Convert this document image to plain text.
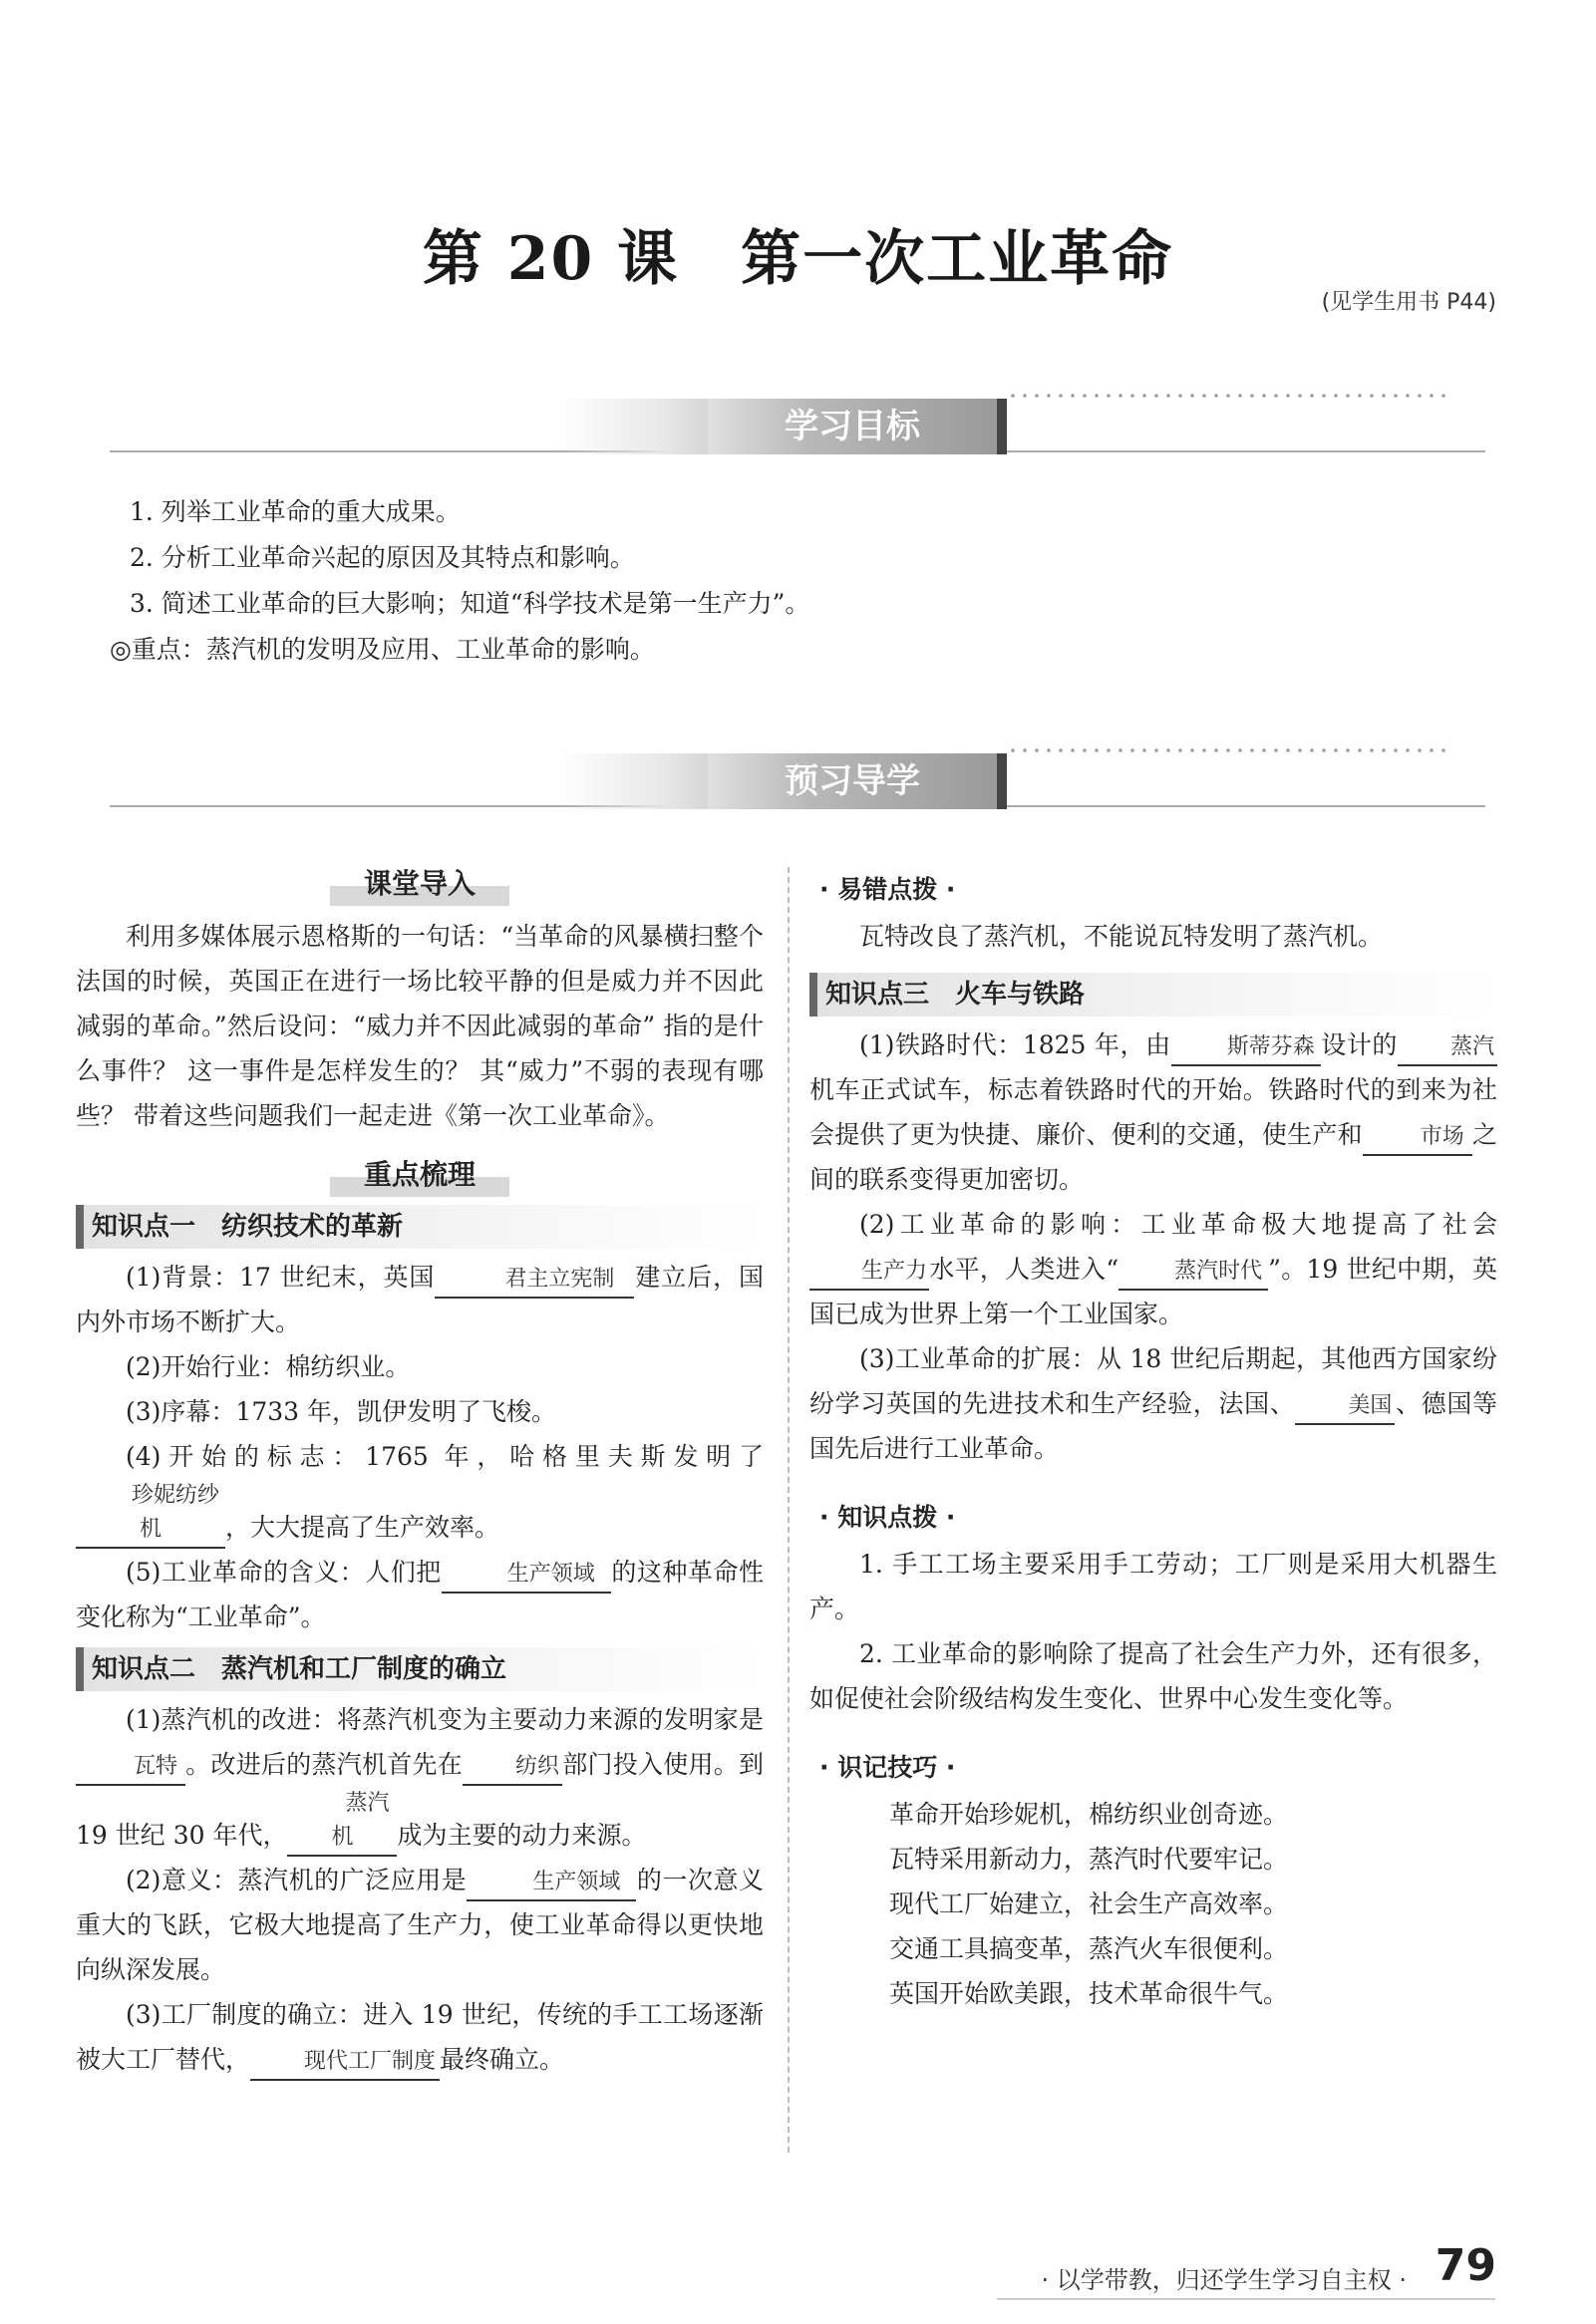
第 20 课　第一次工业革命
(见学生用书 P44)
学习目标
1. 列举工业革命的重大成果。
2. 分析工业革命兴起的原因及其特点和影响。
3. 简述工业革命的巨大影响；知道“科学技术是第一生产力”。
◎重点：蒸汽机的发明及应用、工业革命的影响。
预习导学
课堂导入

利用多媒体展示恩格斯的一句话：“当革命的风暴横扫整个法国的时候，英国正在进行一场比较平静的但是威力并不因此减弱的革命。”然后设问：“威力并不因此减弱的革命” 指的是什么事件？ 这一事件是怎样发生的？ 其“威力”不弱的表现有哪些？ 带着这些问题我们一起走进《第一次工业革命》。

重点梳理
知识点一　纺织技术的革新

(1)背景：17 世纪末，英国	君主立宪制 建立后，国内外市场不断扩大。

(2)开始行业：棉纺织业。

(3)序幕：1733 年，凯伊发明了飞梭。

(4)开始的标志：1765 年，哈格里夫斯发明了珍妮纺纱机	，大大提高了生产效率。

(5)工业革命的含义：人们把	生产领域 的这种革命性变化称为“工业革命”。

知识点二　蒸汽机和工厂制度的确立

(1)蒸汽机的改进：将蒸汽机变为主要动力来源的发明家是瓦特 。改进后的蒸汽机首先在 纺织 部门投入使用。到 19 世纪 30 年代，蒸汽机 成为主要的动力来源。

(2)意义：蒸汽机的广泛应用是	生产领域 的一次意义重大的飞跃，它极大地提高了生产力，使工业革命得以更快地向纵深发展。

(3)工厂制度的确立：进入 19 世纪，传统的手工工场逐渐被大工厂替代， 现代工厂制度 最终确立。

· 易错点拨 ·

瓦特改良了蒸汽机，不能说瓦特发明了蒸汽机。

知识点三　火车与铁路

(1)铁路时代：1825 年，由	斯蒂芬森 设计的 蒸汽机车正式试车，标志着铁路时代的开始。铁路时代的到来为社会提供了更为快捷、廉价、便利的交通，使生产和	市场 之间的联系变得更加密切。

(2)工业革命的影响：工业革命极大地提高了社会生产力水平，人类进入“	蒸汽时代 ”。19 世纪中期，英国已成为世界上第一个工业国家。

(3)工业革命的扩展：从 18 世纪后期起，其他西方国家纷纷学习英国的先进技术和生产经验，法国、 美国 、德国等国先后进行工业革命。

· 知识点拨 ·

1. 手工工场主要采用手工劳动；工厂则是采用大机器生产。

2. 工业革命的影响除了提高了社会生产力外，还有很多，如促使社会阶级结构发生变化、世界中心发生变化等。

· 识记技巧 ·

革命开始珍妮机，棉纺织业创奇迹。

瓦特采用新动力，蒸汽时代要牢记。

现代工厂始建立，社会生产高效率。

交通工具搞变革，蒸汽火车很便利。

英国开始欧美跟，技术革命很牛气。

· 以学带教，归还学生学习自主权 · 79
